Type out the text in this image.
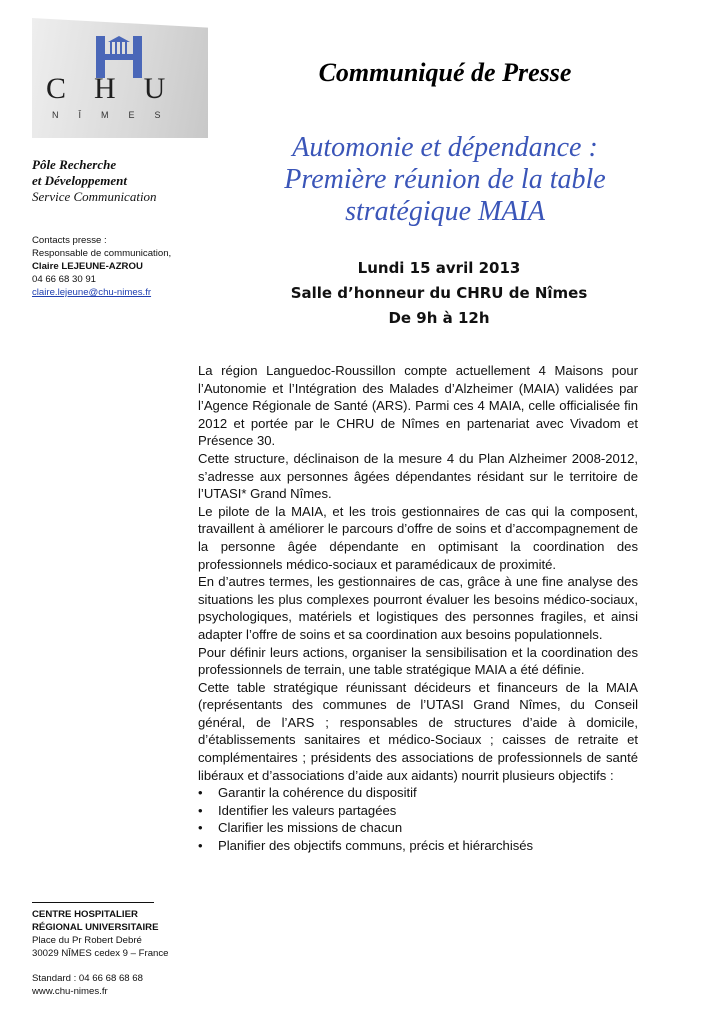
CHU
NÎMES
Pôle Recherche
et Développement
Service Communication
Contacts presse :
Responsable de communication,
Claire LEJEUNE-AZROU
04 66 68 30 91
claire.lejeune@chu-nimes.fr
CENTRE HOSPITALIER
RÉGIONAL UNIVERSITAIRE
Place du Pr Robert Debré
30029 NÎMES cedex 9 – France
Standard : 04 66 68 68 68
www.chu-nimes.fr
Communiqué de Presse
Automonie et dépendance :
Première réunion de la table
stratégique MAIA
Lundi 15 avril 2013
Salle d’honneur du CHRU de Nîmes
De 9h à 12h

La région Languedoc-Roussillon compte actuellement 4 Maisons pour l’Autonomie et l’Intégration des Malades d’Alzheimer (MAIA) validées par l’Agence Régionale de Santé (ARS). Parmi ces 4 MAIA, celle officialisée fin 2012 et portée par le CHRU de Nîmes en partenariat avec Vivadom et Présence 30.

Cette structure, déclinaison de la mesure 4 du Plan Alzheimer 2008-2012, s’adresse aux personnes âgées dépendantes résidant sur le territoire de l’UTASI* Grand Nîmes.

Le pilote de la MAIA, et les trois gestionnaires de cas qui la composent, travaillent à améliorer le parcours d’offre de soins et d’accompagnement de la personne âgée dépendante en optimisant la coordination des professionnels médico-sociaux et paramédicaux de proximité.

En d’autres termes, les gestionnaires de cas, grâce à une fine analyse des situations les plus complexes pourront évaluer les besoins médico-sociaux, psychologiques, matériels et logistiques des personnes fragiles, et ainsi adapter l’offre de soins et sa coordination aux besoins populationnels.

Pour définir leurs actions, organiser la sensibilisation et la coordination des professionnels de terrain, une table stratégique MAIA a été définie.

Cette table stratégique réunissant décideurs et financeurs de la MAIA (représentants des communes de l’UTASI Grand Nîmes, du Conseil général, de l’ARS ; responsables de structures d’aide à domicile, d’établissements sanitaires et médico-Sociaux ; caisses de retraite et complémentaires ; présidents des associations de professionnels de santé libéraux et d’associations d’aide aux aidants) nourrit plusieurs objectifs :

• Garantir la cohérence du dispositif
• Identifier les valeurs partagées
• Clarifier les missions de chacun
• Planifier des objectifs communs, précis et hiérarchisés
